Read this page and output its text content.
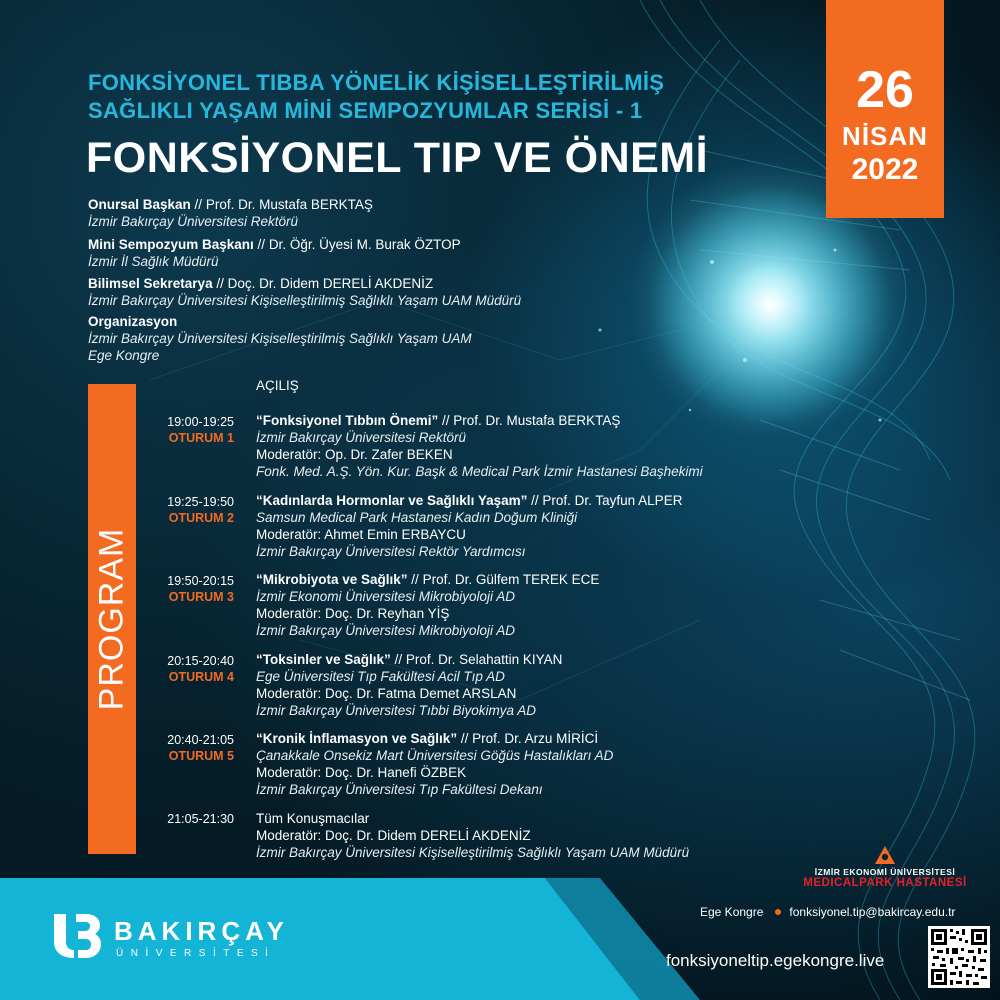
26
NİSAN
2022
FONKSİYONEL TIBBA YÖNELİK KİŞİSELLEŞTİRİLMİŞ
SAĞLIKLI YAŞAM MİNİ SEMPOZYUMLAR SERİSİ - 1
FONKSİYONEL TIP VE ÖNEMİ
Onursal Başkan // Prof. Dr. Mustafa BERKTAŞ
İzmir Bakırçay Üniversitesi Rektörü
Mini Sempozyum Başkanı // Dr. Öğr. Üyesi M. Burak ÖZTOP
İzmir İl Sağlık Müdürü
Bilimsel Sekretarya // Doç. Dr. Didem DERELİ AKDENİZ
İzmir Bakırçay Üniversitesi Kişiselleştirilmiş Sağlıklı Yaşam UAM Müdürü
Organizasyon
İzmir Bakırçay Üniversitesi Kişiselleştirilmiş Sağlıklı Yaşam UAM
Ege Kongre
PROGRAM
AÇILIŞ
19:00-19:25
OTURUM 1
“Fonksiyonel Tıbbın Önemi” // Prof. Dr. Mustafa BERKTAŞ
İzmir Bakırçay Üniversitesi Rektörü
Moderatör: Op. Dr. Zafer BEKEN
Fonk. Med. A.Ş. Yön. Kur. Başk & Medical Park İzmir Hastanesi Başhekimi
19:25-19:50
OTURUM 2
“Kadınlarda Hormonlar ve Sağlıklı Yaşam” // Prof. Dr. Tayfun ALPER
Samsun Medical Park Hastanesi Kadın Doğum Kliniği
Moderatör: Ahmet Emin ERBAYCU
İzmir Bakırçay Üniversitesi Rektör Yardımcısı
19:50-20:15
OTURUM 3
“Mikrobiyota ve Sağlık” // Prof. Dr. Gülfem TEREK ECE
İzmir Ekonomi Üniversitesi Mikrobiyoloji AD
Moderatör: Doç. Dr. Reyhan YİŞ
İzmir Bakırçay Üniversitesi Mikrobiyoloji AD
20:15-20:40
OTURUM 4
“Toksinler ve Sağlık” // Prof. Dr. Selahattin KIYAN
Ege Üniversitesi Tıp Fakültesi Acil Tıp AD
Moderatör: Doç. Dr. Fatma Demet ARSLAN
İzmir Bakırçay Üniversitesi Tıbbi Biyokimya AD
20:40-21:05
OTURUM 5
“Kronik İnflamasyon ve Sağlık” // Prof. Dr. Arzu MİRİCİ
Çanakkale Onsekiz Mart Üniversitesi Göğüs Hastalıkları AD
Moderatör: Doç. Dr. Hanefi ÖZBEK
İzmir Bakırçay Üniversitesi Tıp Fakültesi Dekanı
21:05-21:30 Tüm Konuşmacılar
Moderatör: Doç. Dr. Didem DERELİ AKDENİZ
İzmir Bakırçay Üniversitesi Kişiselleştirilmiş Sağlıklı Yaşam UAM Müdürü
BAKIRÇAY
ÜNİVERSİTESİ
İZMİR EKONOMİ ÜNİVERSİTESİ
MEDICALPARK HASTANESİ
Ege Kongre fonksiyonel.tip@bakircay.edu.tr
fonksiyoneltip.egekongre.live
